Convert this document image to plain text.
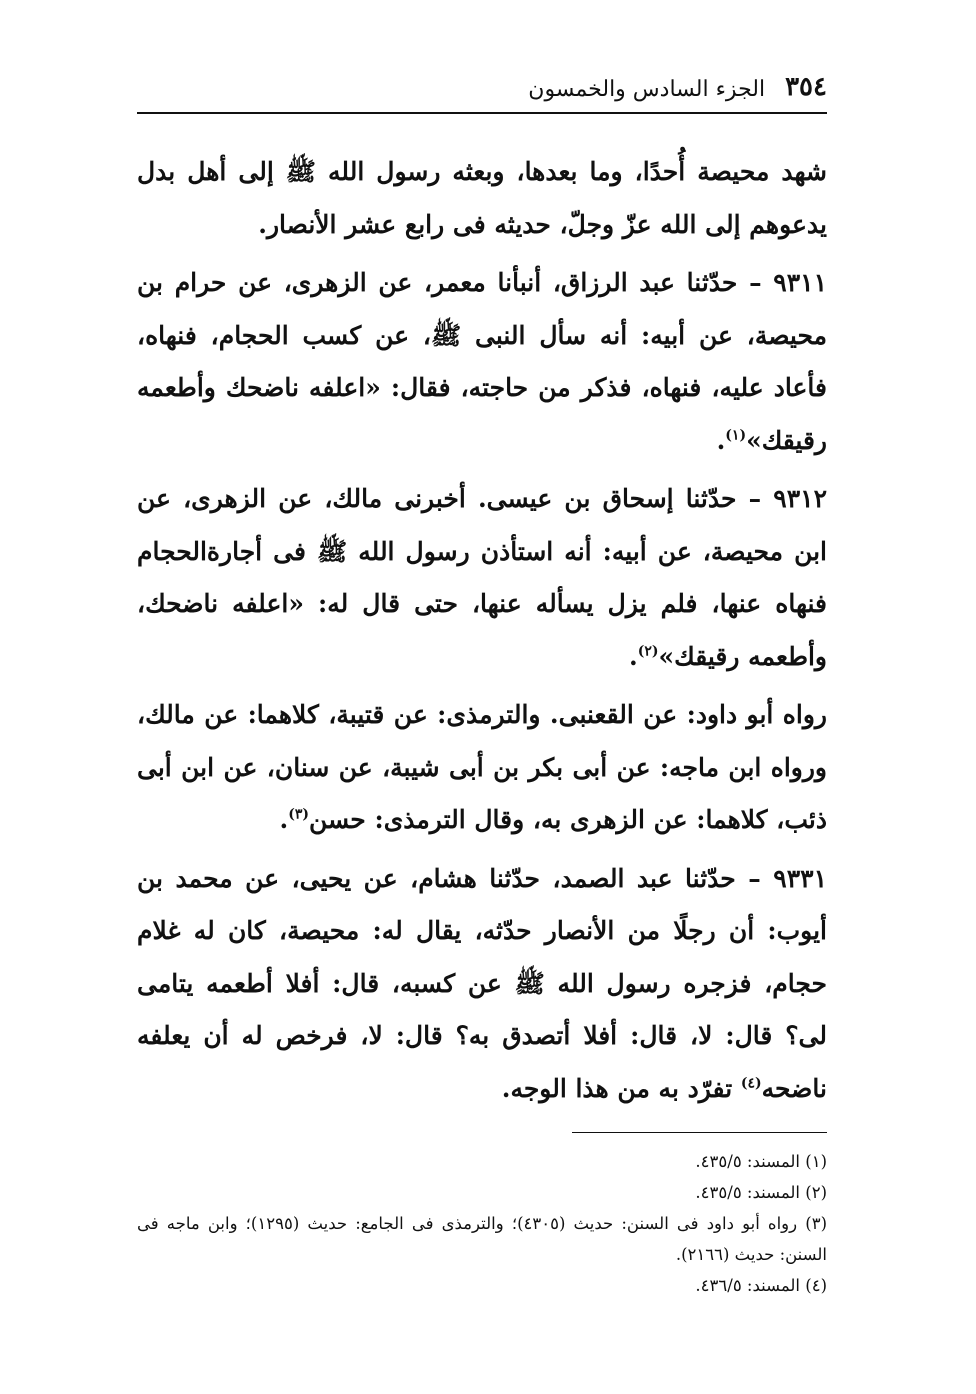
٣٥٤
الجزء السادس والخمسون

شهد محيصة أُحدًا، وما بعدها، وبعثه رسول الله ﷺ إلى أهل بدل يدعوهم إلى الله عزّ وجلّ، حديثه فى رابع عشر الأنصار.

٩٣١١ – حدّثنا عبد الرزاق، أنبأنا معمر، عن الزهرى، عن حرام بن محيصة، عن أبيه: أنه سأل النبى ﷺ، عن كسب الحجام، فنهاه، فأعاد عليه، فنهاه، فذكر من حاجته، فقال: «اعلفه ناضحك وأطعمه رقيقك»$^{(١)}$.

٩٣١٢ – حدّثنا إسحاق بن عيسى. أخبرنى مالك، عن الزهرى، عن ابن محيصة، عن أبيه: أنه استأذن رسول الله ﷺ فى أجارةالحجام فنهاه عنها، فلم يزل يسأله عنها، حتى قال له: «اعلفه ناضحك، وأطعمه رقيقك»$^{(٢)}$.

رواه أبو داود: عن القعنبى. والترمذى: عن قتيبة، كلاهما: عن مالك، ورواه ابن ماجه: عن أبى بكر بن أبى شيبة، عن سنان، عن ابن أبى ذئب، كلاهما: عن الزهرى به، وقال الترمذى: حسن$^{(٣)}$.

٩٣٣١ – حدّثنا عبد الصمد، حدّثنا هشام، عن يحيى، عن محمد بن أيوب: أن رجلًا من الأنصار حدّثه، يقال له: محيصة، كان له غلام حجام، فزجره رسول الله ﷺ عن كسبه، قال: أفلا أطعمه يتامى لى؟ قال: لا، قال: أفلا أتصدق به؟ قال: لا، فرخص له أن يعلفه ناضحه$^{(٤)}$ تفرّد به من هذا الوجه.

(١) المسند: ٤٣٥/٥.

(٢) المسند: ٤٣٥/٥.

(٣) رواه أبو داود فى السنن: حديث (٤٣٠٥)؛ والترمذى فى الجامع: حديث (١٢٩٥)؛ وابن ماجه فى السنن: حديث (٢١٦٦).

(٤) المسند: ٤٣٦/٥.
